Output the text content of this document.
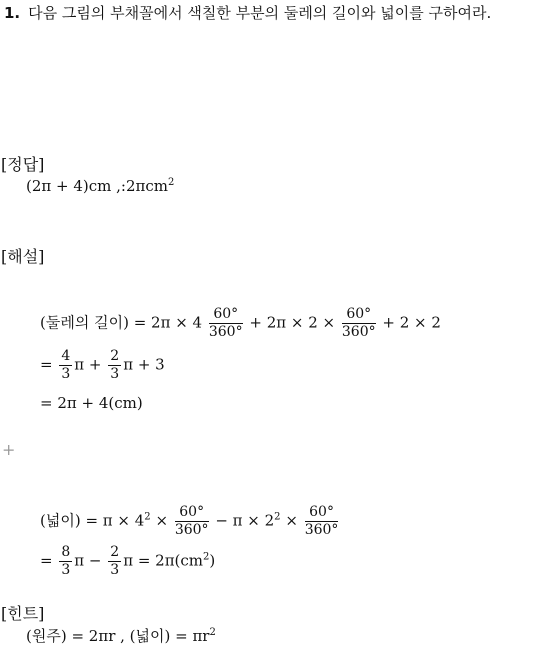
1. 다음 그림의 부채꼴에서 색칠한 부분의 둘레의 길이와 넓이를 구하여라.
[정답]
(2π + 4)cm ,:2πcm$^2$
[해설]
(둘레의 길이) = $2\pi \times 4 \frac{60^\circ}{360^\circ} + 2\pi \times 2 \times \frac{60^\circ}{360^\circ} + 2 \times 2$
= $\frac{4}{3}$ $\pi + \frac{2}{3}$ π + 3
= 2π + 4(cm)
+
(넓이) = $\pi \times 4^2 \times \frac{60^\circ}{360^\circ} - \pi \times 2^2 \times \frac{60^\circ}{360^\circ}$
= $\frac{8}{3}$ $\pi - \frac{2}{3}$ $\pi = 2\pi(cm^2)$
[힌트]
(원주) = 2πr , (넓이) = $\pi r^2$
